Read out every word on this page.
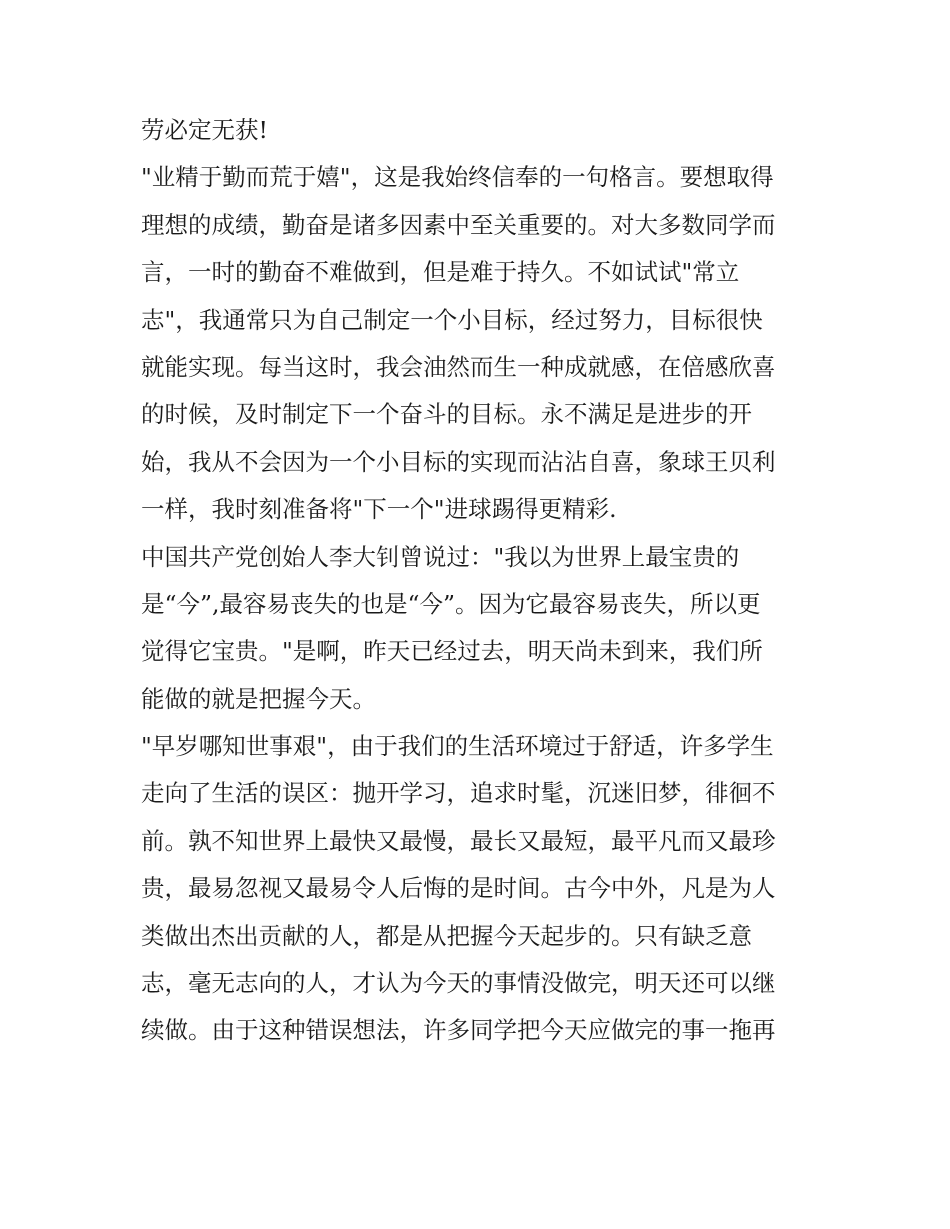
劳必定无获!
"业精于勤而荒于嬉"，这是我始终信奉的一句格言。要想取得
理想的成绩，勤奋是诸多因素中至关重要的。对大多数同学而
言，一时的勤奋不难做到，但是难于持久。不如试试"常立
志"，我通常只为自己制定一个小目标，经过努力，目标很快
就能实现。每当这时，我会油然而生一种成就感，在倍感欣喜
的时候，及时制定下一个奋斗的目标。永不满足是进步的开
始，我从不会因为一个小目标的实现而沾沾自喜，象球王贝利
一样，我时刻准备将"下一个"进球踢得更精彩.
中国共产党创始人李大钊曾说过："我以为世界上最宝贵的
是“今”,最容易丧失的也是“今”。因为它最容易丧失，所以更
觉得它宝贵。"是啊，昨天已经过去，明天尚未到来，我们所
能做的就是把握今天。
"早岁哪知世事艰"，由于我们的生活环境过于舒适，许多学生
走向了生活的误区：抛开学习，追求时髦，沉迷旧梦，徘徊不
前。孰不知世界上最快又最慢，最长又最短，最平凡而又最珍
贵，最易忽视又最易令人后悔的是时间。古今中外，凡是为人
类做出杰出贡献的人，都是从把握今天起步的。只有缺乏意
志，毫无志向的人，才认为今天的事情没做完，明天还可以继
续做。由于这种错误想法，许多同学把今天应做完的事一拖再
